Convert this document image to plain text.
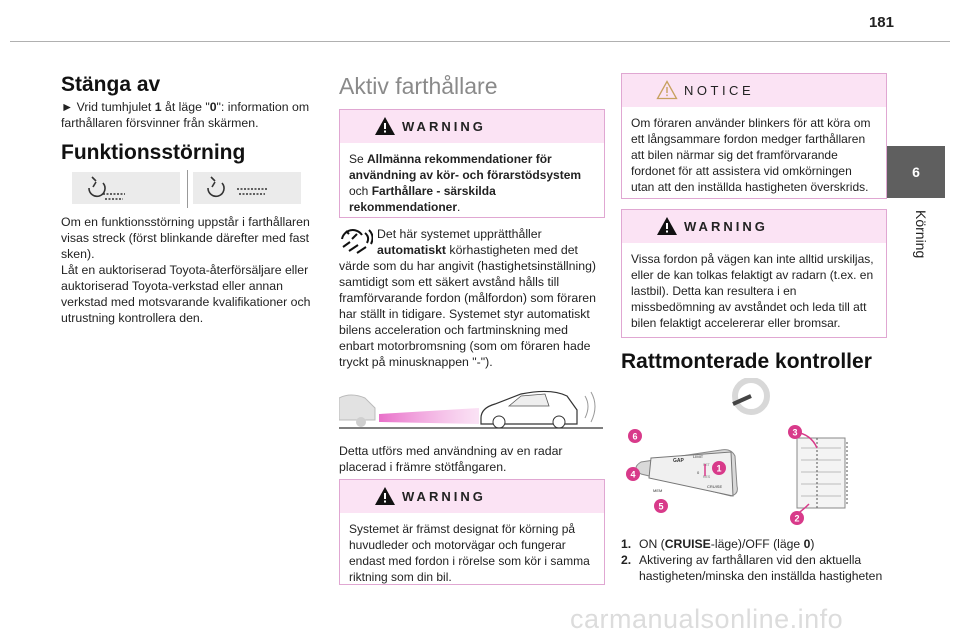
181
6
Körning
Stänga av
► Vrid tumhjulet 1 åt läge "0": information om farthållaren försvinner från skärmen.
Funktionsstörning
Om en funktionsstörning uppstår i farthållaren visas streck (först blinkande därefter med fast sken).
Låt en auktoriserad Toyota-återförsäljare eller auktoriserad Toyota-verkstad eller annan verkstad med motsvarande kvalifikationer och utrustning kontrollera den.
Aktiv farthållare
WARNING
Se Allmänna rekommendationer för användning av kör- och förarstödsystem och Farthållare - särskilda rekommendationer.
Det här systemet upprätthåller
automatiskt körhastigheten med det värde som du har angivit (hastighetsinställning) samtidigt som ett säkert avstånd hålls till framförvarande fordon (målfordon) som föraren har ställt in tidigare. Systemet styr automatiskt bilens acceleration och fartminskning med enbart motorbromsning (som om föraren hade tryckt på minusknappen "-").
Detta utförs med användning av en radar placerad i främre stötfångaren.
WARNING
Systemet är främst designat för körning på huvudleder och motorvägar och fungerar endast med fordon i rörelse som kör i samma riktning som din bil.
NOTICE
Om föraren använder blinkers för att köra om ett långsammare fordon medger farthållaren att bilen närmar sig det framförvarande fordonet för att assistera vid omkörningen utan att den inställda hastigheten överskrids.
WARNING
Vissa fordon på vägen kan inte alltid urskiljas, eller de kan tolkas felaktigt av radarn (t.ex. en lastbil). Detta kan resultera i en missbedömning av avståndet och leda till att bilen felaktigt accelererar eller bromsar.
Rattmonterade kontroller
GAP
LIMIT
0
CRUISE
SET
MEM
RES
6
4
5
1
3
2
1. ON (CRUISE-läge)/OFF (läge 0)
2. Aktivering av farthållaren vid den aktuella hastigheten/minska den inställda hastigheten
carmanualsonline.info
